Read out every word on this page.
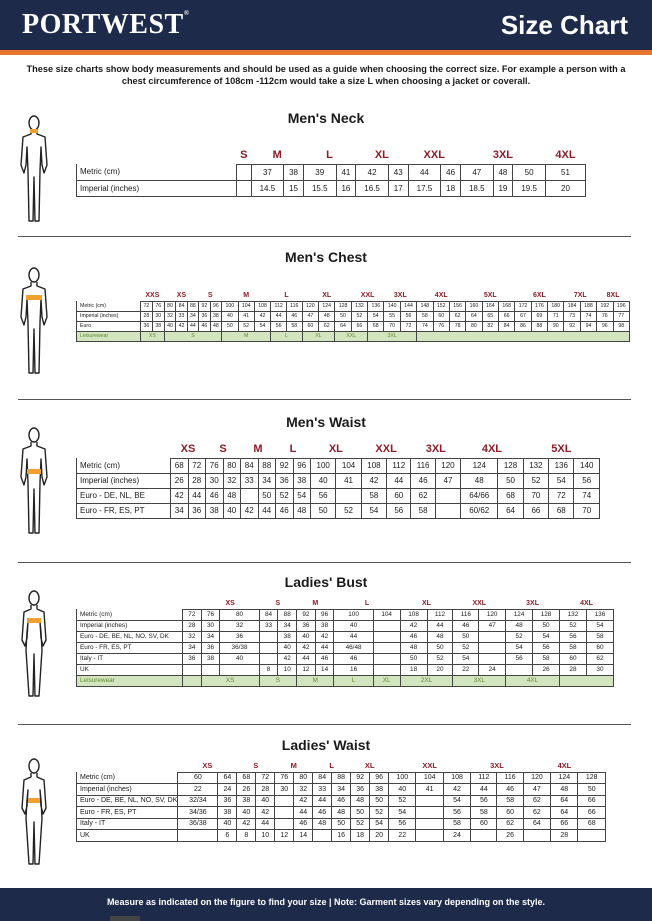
PORTWEST®	Size Chart
These size charts show body measurements and should be used as a guide when choosing the correct size. For example a person with a chest circumference of 108cm -112cm would take a size L when choosing a jacket or coverall.
Men's Neck
	S	M		L		XL		XXL		3XL			4XL
Metric (cm)		37	38	39	41	42	43	44	46	47	48	50	51
Imperial (inches)		14.5	15	15.5	16	16.5	17	17.5	18	18.5	19	19.5	20
Men's Chest
	XXS		XS			S		M			L		XL			XXL		3XL		4XL			5XL			6XL			7XL		8XL	
Metric (cm)	72	76	80	84	88	92	96	100	104	108	112	116	120	124	128	132	136	140	144	148	152	156	160	164	168	172	176	180	184	188	192	196
Imperial (inches)	28	30	32	33	34	36	38	40	41	42	44	46	47	48	50	52	54	55	56	58	60	62	64	65	66	67	69	71	73	74	76	77
Euro	36	38	40	42	44	46	48	50	52	54	56	58	60	62	64	66	68	70	72	74	76	78	80	82	84	86	88	90	92	94	96	98
Leisurewear	XS		S					M			L		XL		XXL		3XL															
Men's Waist
	XS		S		M		L		XL		XXL		3XL		4XL		5XL		
Metric (cm)	68	72	76	80	84	88	92	96	100	104	108	112	116	120	124	128	132	136	140
Imperial (inches)	26	28	30	32	33	34	36	38	40	41	42	44	46	47	48	50	52	54	56
Euro - DE, NL, BE	42	44	46	48		50	52	54	56		58	60	62		64/66	68	70	72	74
Euro - FR, ES, PT	34	36	38	40	42	44	46	48	50	52	54	56	58		60/62	64	66	68	70
Ladies' Bust
		XS		S		M		L		XL		XXL		3XL		4XL	
Metric (cm)	72	76	80	84	88	92	96	100	104	108	112	116	120	124	128	132	136
Imperial (inches)	28	30	32	33	34	36	38	40		42	44	46	47	48	50	52	54
Euro - DE, BE, NL, NO, SV, DK	32	34	36		38	40	42	44		46	48	50		52	54	56	58
Euro - FR, ES, PT	34	36	36/38		40	42	44	46/48		48	50	52		54	56	58	60
Italy - IT	36	38	40		42	44	46	46		50	52	54		56	58	60	62
UK				8	10	12	14	16		18	20	22	24		26	28	30
Leisurewear		XS		S		M		L	XL	2XL		3XL		4XL			
Ladies' Waist
	XS		S		M		L		XL		XXL			3XL		4XL		
Metric (cm)	60	64	68	72	76	80	84	88	92	96	100	104	108	112	116	120	124	128
Imperial (inches)	22	24	26	28	30	32	33	34	36	38	40	41	42	44	46	47	48	50
Euro - DE, BE, NL, NO, SV, DK	32/34	36	38	40		42	44	46	48	50	52		54	56	58	62	64	66
Euro - FR, ES, PT	34/36	38	40	42		44	46	48	50	52	54		56	58	60	62	64	66
Italy - IT	36/38	40	42	44		46	48	50	52	54	56		58	60	62	64	66	68
UK		6	8	10	12	14		16	18	20	22		24		26		28	
Measure as indicated on the figure to find your size | Note: Garment sizes vary depending on the style.
